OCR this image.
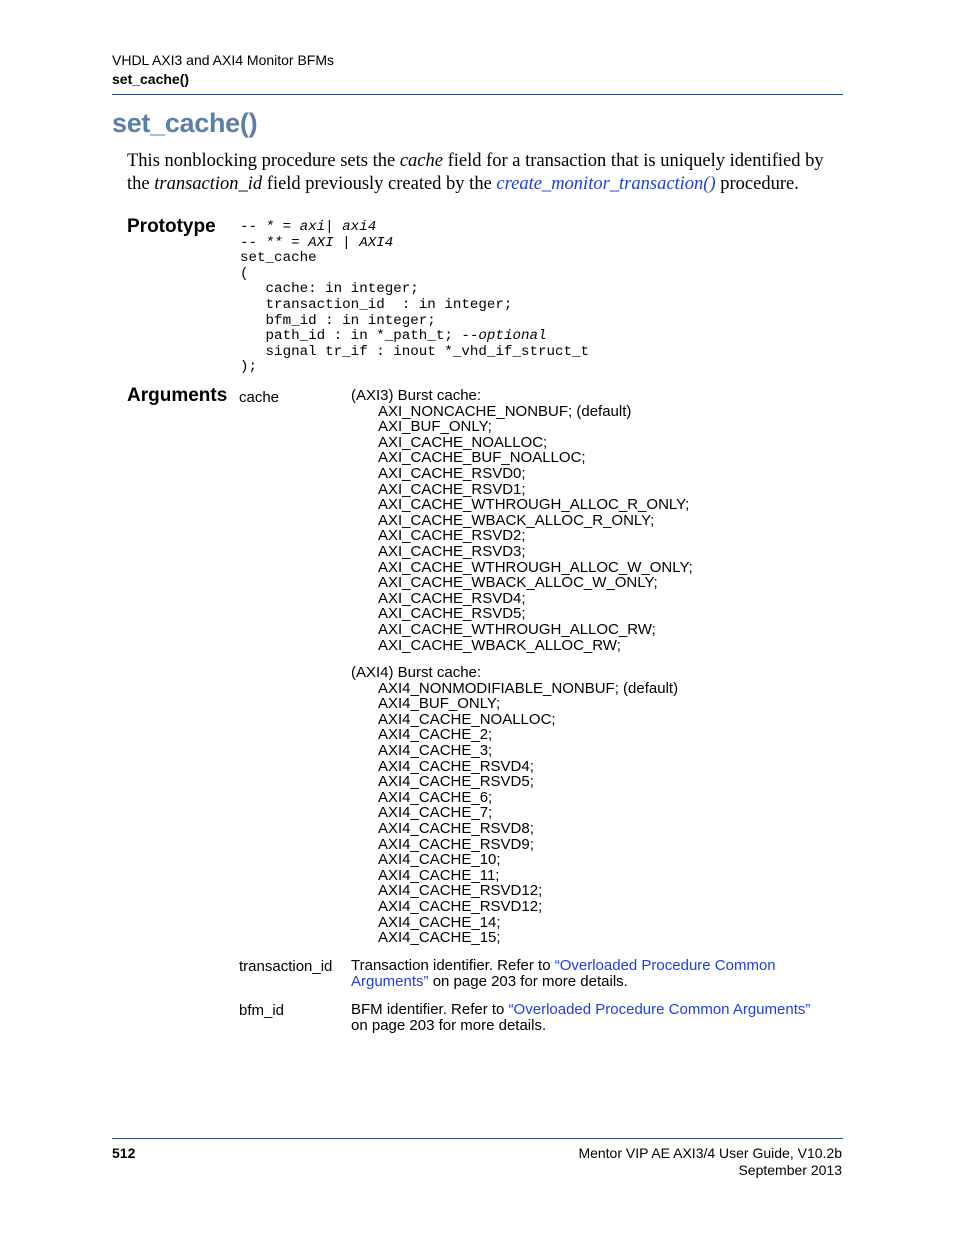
VHDL AXI3 and AXI4 Monitor BFMs
set_cache()
set_cache()
This nonblocking procedure sets the cache field for a transaction that is uniquely identified by the transaction_id field previously created by the create_monitor_transaction() procedure.
Prototype -- * = axi| axi4
-- ** = AXI | AXI4
set_cache
(
cache: in integer;
transaction_id  : in integer;
bfm_id : in integer;
path_id : in *_path_t; --optional
signal tr_if : inout *_vhd_if_struct_t
);
Arguments cache	(AXI3) Burst cache:
AXI_NONCACHE_NONBUF; (default)
AXI_BUF_ONLY;
AXI_CACHE_NOALLOC;
AXI_CACHE_BUF_NOALLOC;
AXI_CACHE_RSVD0;
AXI_CACHE_RSVD1;
AXI_CACHE_WTHROUGH_ALLOC_R_ONLY;
AXI_CACHE_WBACK_ALLOC_R_ONLY;
AXI_CACHE_RSVD2;
AXI_CACHE_RSVD3;
AXI_CACHE_WTHROUGH_ALLOC_W_ONLY;
AXI_CACHE_WBACK_ALLOC_W_ONLY;
AXI_CACHE_RSVD4;
AXI_CACHE_RSVD5;
AXI_CACHE_WTHROUGH_ALLOC_RW;
AXI_CACHE_WBACK_ALLOC_RW;
(AXI4) Burst cache:
AXI4_NONMODIFIABLE_NONBUF; (default)
AXI4_BUF_ONLY;
AXI4_CACHE_NOALLOC;
AXI4_CACHE_2;
AXI4_CACHE_3;
AXI4_CACHE_RSVD4;
AXI4_CACHE_RSVD5;
AXI4_CACHE_6;
AXI4_CACHE_7;
AXI4_CACHE_RSVD8;
AXI4_CACHE_RSVD9;
AXI4_CACHE_10;
AXI4_CACHE_11;
AXI4_CACHE_RSVD12;
AXI4_CACHE_RSVD12;
AXI4_CACHE_14;
AXI4_CACHE_15;
transaction_id Transaction identifier. Refer to “Overloaded Procedure Common
Arguments” on page 203 for more details.
bfm_id	BFM identifier. Refer to “Overloaded Procedure Common Arguments”
on page 203 for more details.
512	Mentor VIP AE AXI3/4 User Guide, V10.2b
September 2013
